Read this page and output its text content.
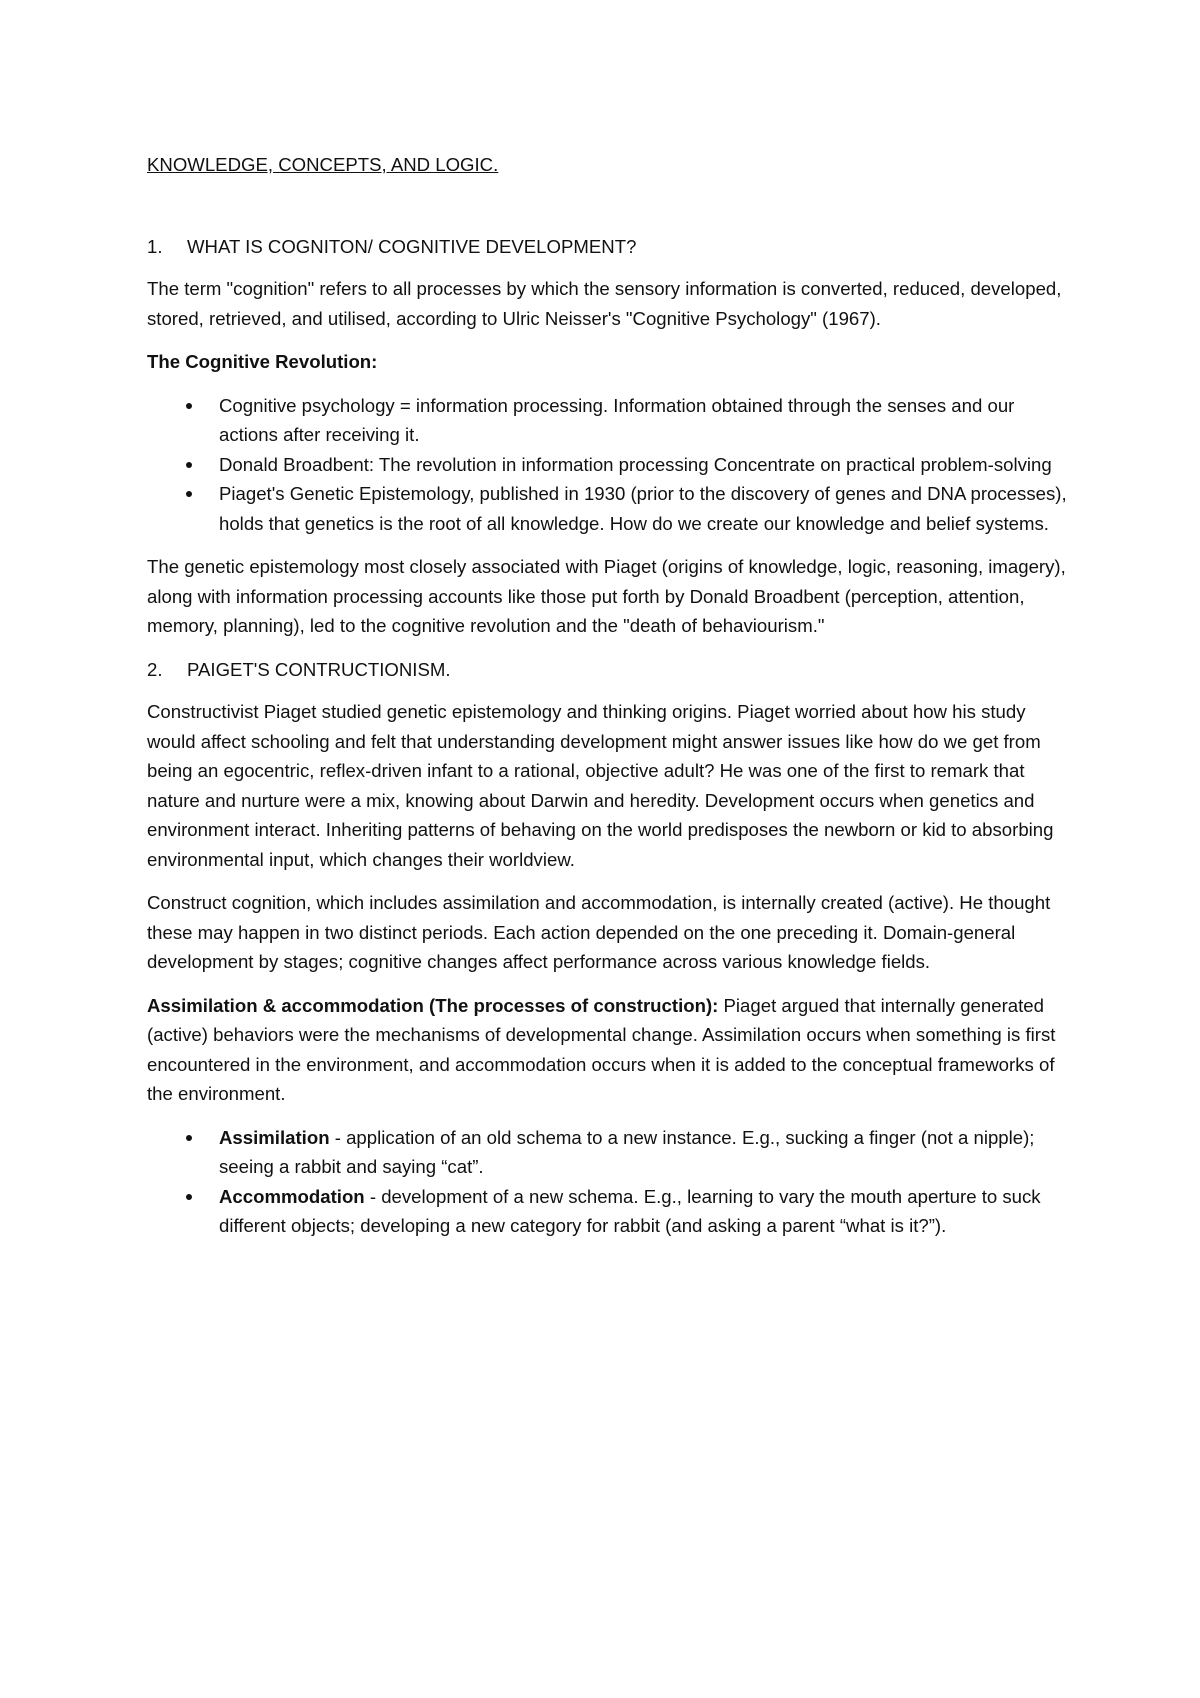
KNOWLEDGE, CONCEPTS, AND LOGIC.

1.	WHAT IS COGNITON/ COGNITIVE DEVELOPMENT?

The term "cognition" refers to all processes by which the sensory information is converted, reduced, developed, stored, retrieved, and utilised, according to Ulric Neisser's "Cognitive Psychology" (1967).

The Cognitive Revolution:

Cognitive psychology = information processing. Information obtained through the senses and our actions after receiving it.
Donald Broadbent: The revolution in information processing Concentrate on practical problem-solving
Piaget's Genetic Epistemology, published in 1930 (prior to the discovery of genes and DNA processes), holds that genetics is the root of all knowledge. How do we create our knowledge and belief systems.

The genetic epistemology most closely associated with Piaget (origins of knowledge, logic, reasoning, imagery), along with information processing accounts like those put forth by Donald Broadbent (perception, attention, memory, planning), led to the cognitive revolution and the "death of behaviourism."

2.	PAIGET'S CONTRUCTIONISM.

Constructivist Piaget studied genetic epistemology and thinking origins. Piaget worried about how his study would affect schooling and felt that understanding development might answer issues like how do we get from being an egocentric, reflex-driven infant to a rational, objective adult? He was one of the first to remark that nature and nurture were a mix, knowing about Darwin and heredity. Development occurs when genetics and environment interact. Inheriting patterns of behaving on the world predisposes the newborn or kid to absorbing environmental input, which changes their worldview.

Construct cognition, which includes assimilation and accommodation, is internally created (active). He thought these may happen in two distinct periods. Each action depended on the one preceding it. Domain-general development by stages; cognitive changes affect performance across various knowledge fields.

Assimilation & accommodation (The processes of construction): Piaget argued that internally generated (active) behaviors were the mechanisms of developmental change. Assimilation occurs when something is first encountered in the environment, and accommodation occurs when it is added to the conceptual frameworks of the environment.

Assimilation - application of an old schema to a new instance. E.g., sucking a finger (not a nipple); seeing a rabbit and saying “cat”.
Accommodation - development of a new schema. E.g., learning to vary the mouth aperture to suck different objects; developing a new category for rabbit (and asking a parent “what is it?”).
